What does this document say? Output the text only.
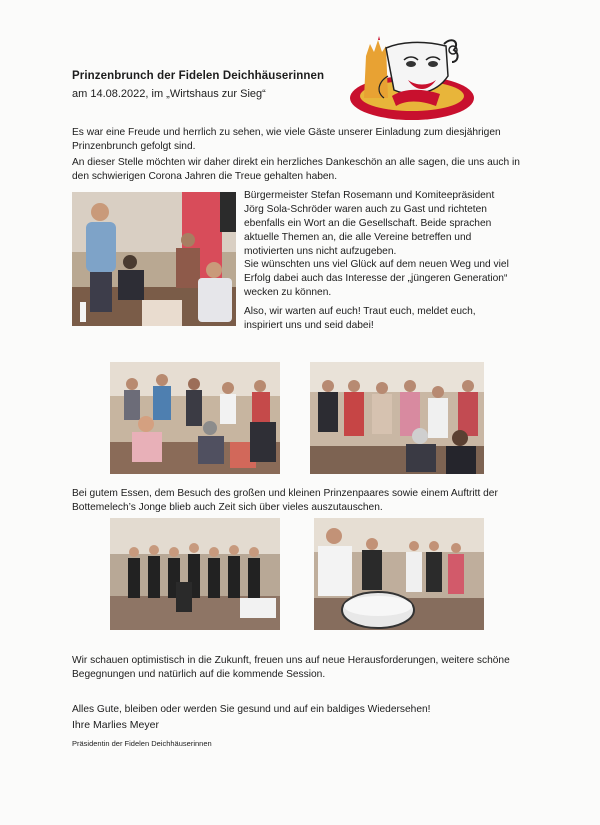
Prinzenbrunch der Fidelen Deichhäuserinnen
am 14.08.2022, im „Wirtshaus zur Sieg“

Es war eine Freude und herrlich zu sehen, wie viele Gäste unserer Einladung zum diesjährigen Prinzenbrunch gefolgt sind.

An dieser Stelle möchten wir daher direkt ein herzliches Dankeschön an alle sagen, die uns auch in den schwierigen Corona Jahren die Treue gehalten haben.

Bürgermeister Stefan Rosemann und Komiteepräsident Jörg Sola-Schröder waren auch zu Gast und richteten ebenfalls ein Wort an die Gesellschaft. Beide sprachen aktuelle Themen an, die alle Vereine betreffen und motivierten uns nicht aufzugeben.

Sie wünschten uns viel Glück auf dem neuen Weg und viel Erfolg dabei auch das Interesse der „jüngeren Generation“ wecken zu können.

Also, wir warten auf euch! Traut euch, meldet euch, inspiriert uns und seid dabei!

Bei gutem Essen, dem Besuch des großen und kleinen Prinzenpaares sowie einem Auftritt der Bottemelech’s Jonge blieb auch Zeit sich über vieles auszutauschen.

Wir schauen optimistisch in die Zukunft, freuen uns auf neue Herausforderungen, weitere schöne Begegnungen und natürlich auf die kommende Session.

Alles Gute, bleiben oder werden Sie gesund und auf ein baldiges Wiedersehen!

Ihre Marlies Meyer
Präsidentin der Fidelen Deichhäuserinnen
